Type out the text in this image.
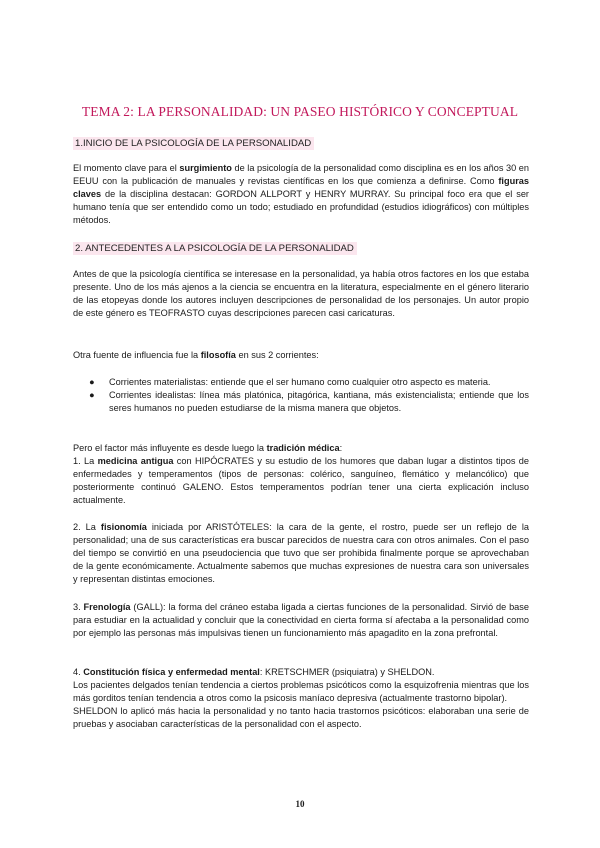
TEMA 2: LA PERSONALIDAD: UN PASEO HISTÓRICO Y CONCEPTUAL
1.INICIO DE LA PSICOLOGÍA DE LA PERSONALIDAD

El momento clave para el surgimiento de la psicología de la personalidad como disciplina es en los años 30 en EEUU con la publicación de manuales y revistas científicas en los que comienza a definirse. Como figuras claves de la disciplina destacan: GORDON ALLPORT y HENRY MURRAY. Su principal foco era que el ser humano tenía que ser entendido como un todo; estudiado en profundidad (estudios idiográficos) con múltiples métodos.

2. ANTECEDENTES A LA PSICOLOGÍA DE LA PERSONALIDAD

Antes de que la psicología científica se interesase en la personalidad, ya había otros factores en los que estaba presente. Uno de los más ajenos a la ciencia se encuentra en la literatura, especialmente en el género literario de las etopeyas donde los autores incluyen descripciones de personalidad de los personajes. Un autor propio de este género es TEOFRASTO cuyas descripciones parecen casi caricaturas.

Otra fuente de influencia fue la filosofía en sus 2 corrientes:

● Corrientes materialistas: entiende que el ser humano como cualquier otro aspecto es materia.
● Corrientes idealistas: línea más platónica, pitagórica, kantiana, más existencialista; entiende que los seres humanos no pueden estudiarse de la misma manera que objetos.

Pero el factor más influyente es desde luego la tradición médica:

1. La medicina antigua con HIPÓCRATES y su estudio de los humores que daban lugar a distintos tipos de enfermedades y temperamentos (tipos de personas: colérico, sanguíneo, flemático y melancólico) que posteriormente continuó GALENO. Estos temperamentos podrían tener una cierta explicación incluso actualmente.

2. La fisionomía iniciada por ARISTÓTELES: la cara de la gente, el rostro, puede ser un reflejo de la personalidad; una de sus características era buscar parecidos de nuestra cara con otros animales. Con el paso del tiempo se convirtió en una pseudociencia que tuvo que ser prohibida finalmente porque se aprovechaban de la gente económicamente. Actualmente sabemos que muchas expresiones de nuestra cara son universales y representan distintas emociones.

3. Frenología (GALL): la forma del cráneo estaba ligada a ciertas funciones de la personalidad. Sirvió de base para estudiar en la actualidad y concluir que la conectividad en cierta forma sí afectaba a la personalidad como por ejemplo las personas más impulsivas tienen un funcionamiento más apagadito en la zona prefrontal.

4. Constitución física y enfermedad mental: KRETSCHMER (psiquiatra) y SHELDON.
Los pacientes delgados tenían tendencia a ciertos problemas psicóticos como la esquizofrenia mientras que los más gorditos tenían tendencia a otros como la psicosis maníaco depresiva (actualmente trastorno bipolar).
SHELDON lo aplicó más hacia la personalidad y no tanto hacia trastornos psicóticos: elaboraban una serie de pruebas y asociaban características de la personalidad con el aspecto.

10
